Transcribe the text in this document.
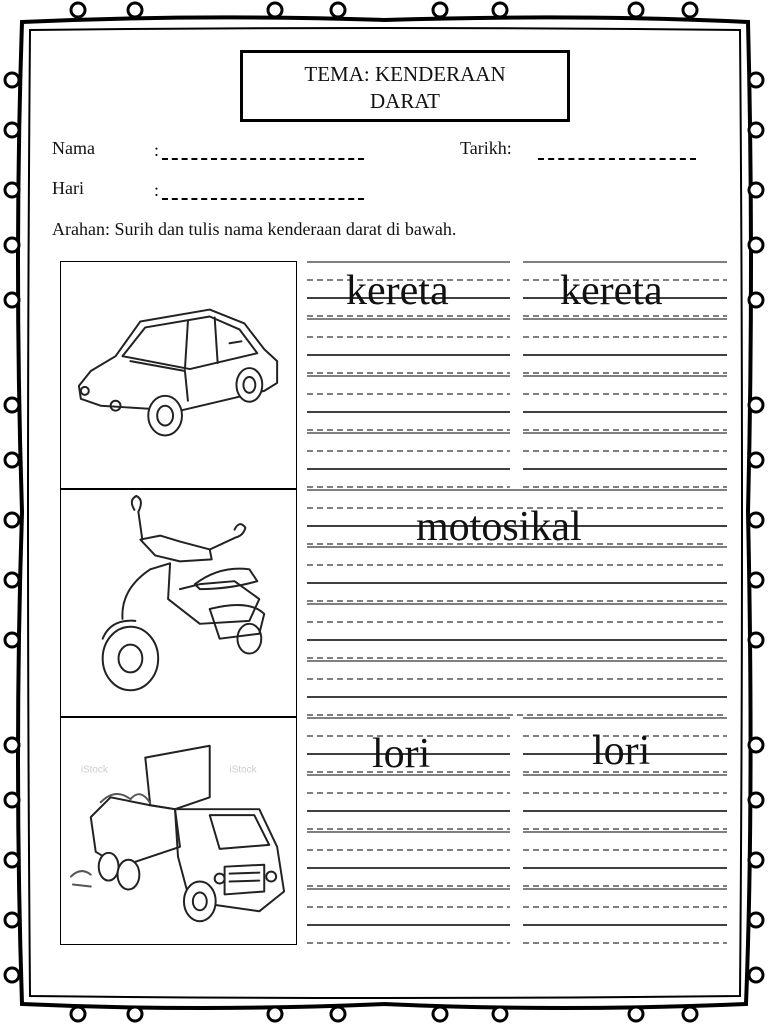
TEMA: KENDERAAN
DARAT
Nama	:	Tarikh:
Hari	:
Arahan: Surih dan tulis nama kenderaan darat di bawah.
iStock	iStock
kereta	kereta
motosikal
lori	lori
